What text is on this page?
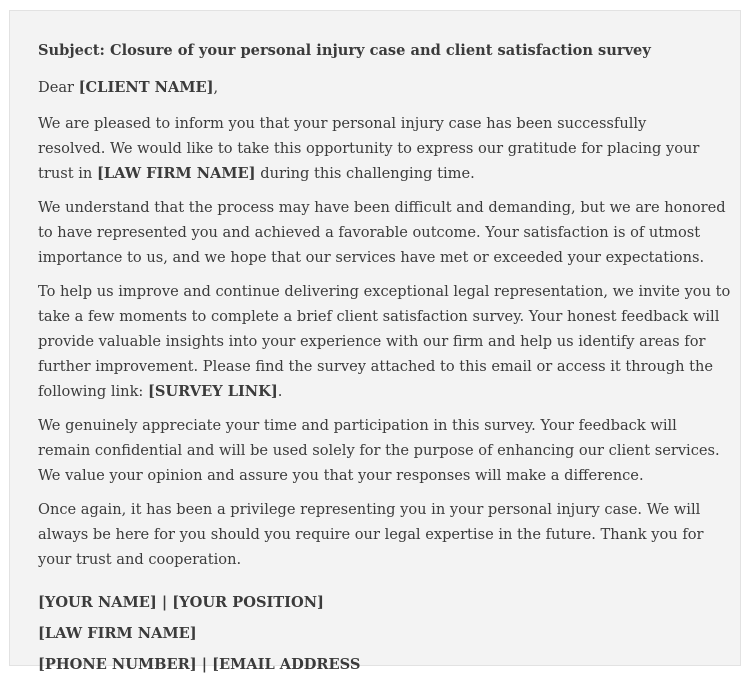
Subject: Closure of your personal injury case and client satisfaction survey

Dear [CLIENT NAME],

We are pleased to inform you that your personal injury case has been successfully
resolved. We would like to take this opportunity to express our gratitude for placing your
trust in [LAW FIRM NAME] during this challenging time.

We understand that the process may have been difficult and demanding, but we are honored
to have represented you and achieved a favorable outcome. Your satisfaction is of utmost
importance to us, and we hope that our services have met or exceeded your expectations.

To help us improve and continue delivering exceptional legal representation, we invite you to
take a few moments to complete a brief client satisfaction survey. Your honest feedback will
provide valuable insights into your experience with our firm and help us identify areas for
further improvement. Please find the survey attached to this email or access it through the
following link: [SURVEY LINK].

We genuinely appreciate your time and participation in this survey. Your feedback will
remain confidential and will be used solely for the purpose of enhancing our client services.
We value your opinion and assure you that your responses will make a difference.

Once again, it has been a privilege representing you in your personal injury case. We will
always be here for you should you require our legal expertise in the future. Thank you for
your trust and cooperation.

[YOUR NAME] | [YOUR POSITION]

[LAW FIRM NAME]

[PHONE NUMBER] | [EMAIL ADDRESS
